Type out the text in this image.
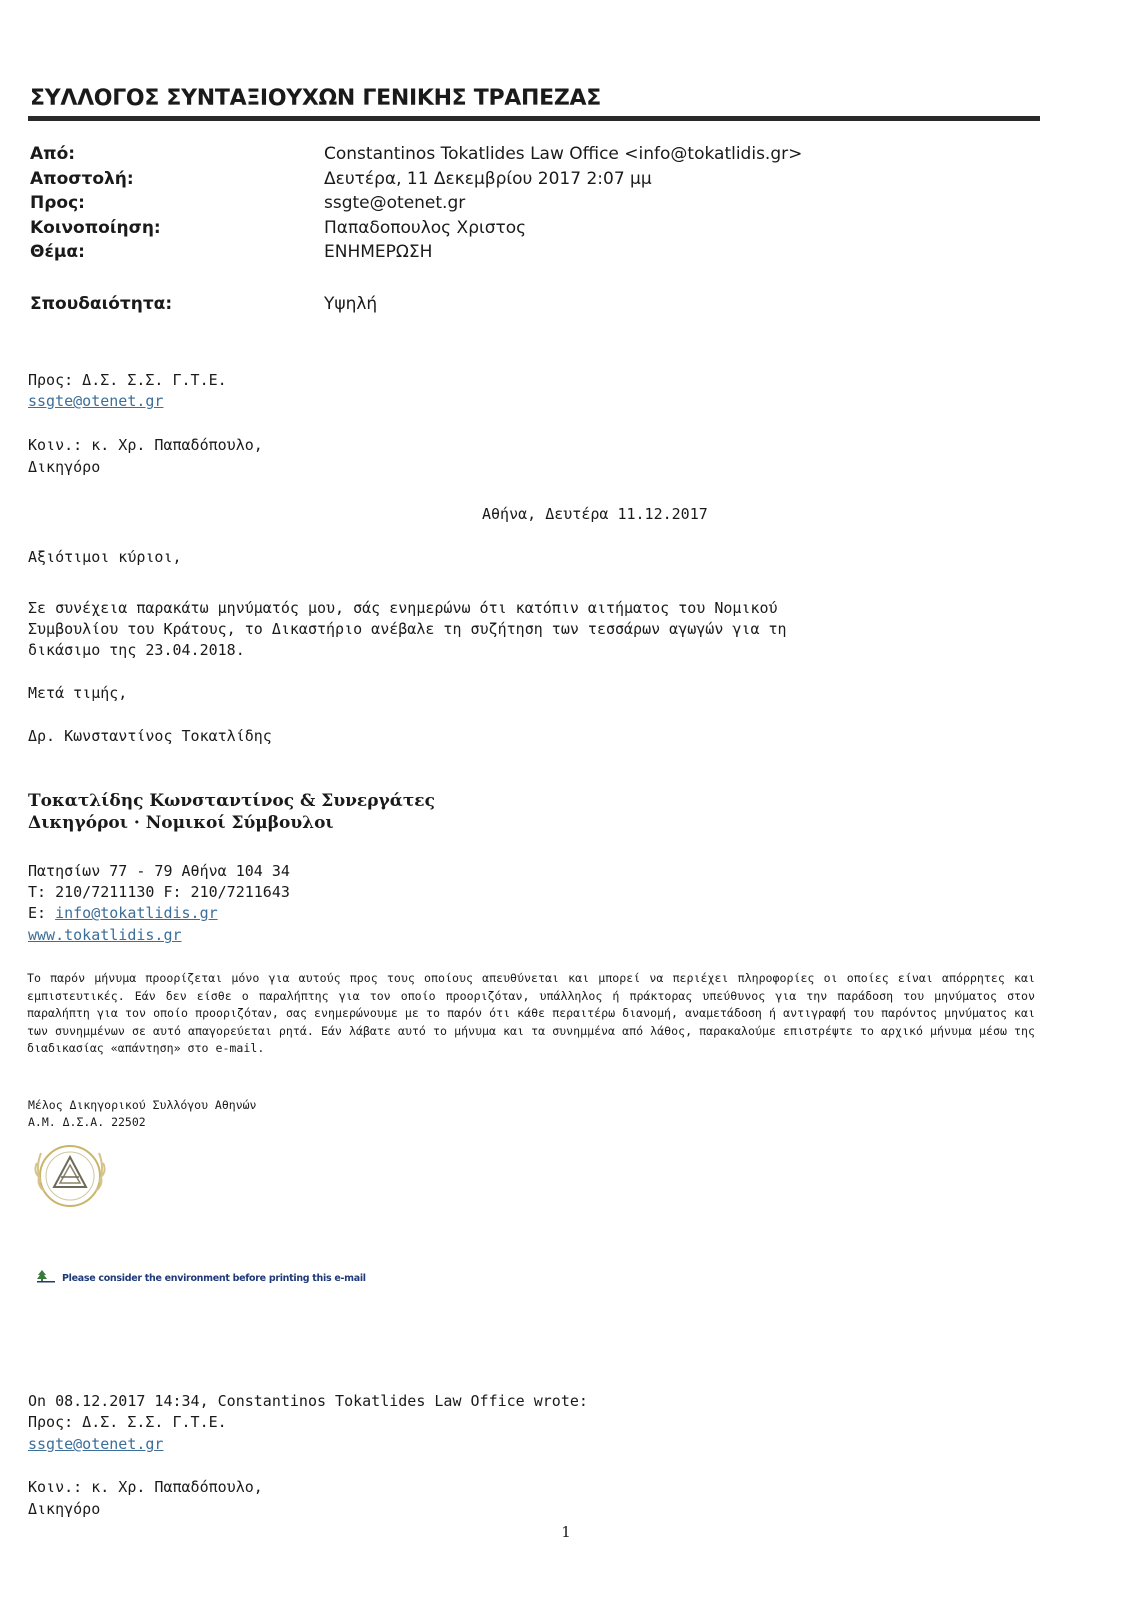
ΣΥΛΛΟΓΟΣ ΣΥΝΤΑΞΙΟΥΧΩΝ ΓΕΝΙΚΗΣ ΤΡΑΠΕΖΑΣ
Από:	Constantinos Tokatlides Law Office <info@tokatlidis.gr>
Αποστολή:	Δευτέρα, 11 Δεκεμβρίου 2017 2:07 μμ
Προς:	ssgte@otenet.gr
Κοινοποίηση:	Παπαδοπουλος Χριστος
Θέμα:	ΕΝΗΜΕΡΩΣΗ
Σπουδαιότητα:	Υψηλή
Προς: Δ.Σ. Σ.Σ. Γ.Τ.Ε.
ssgte@otenet.gr
Κοιν.: κ. Χρ. Παπαδόπουλο,
Δικηγόρο
Αθήνα, Δευτέρα 11.12.2017
Αξιότιμοι κύριοι,
Σε συνέχεια παρακάτω μηνύματός μου, σάς ενημερώνω ότι κατόπιν αιτήματος του Νομικού
Συμβουλίου του Κράτους, το Δικαστήριο ανέβαλε τη συζήτηση των τεσσάρων αγωγών για τη
δικάσιμο της 23.04.2018.
Μετά τιμής,
Δρ. Κωνσταντίνος Τοκατλίδης
Τοκατλίδης Κωνσταντίνος & Συνεργάτες
Δικηγόροι · Νομικοί Σύμβουλοι
Πατησίων 77 - 79 Αθήνα 104 34
T: 210/7211130 F: 210/7211643
E: info@tokatlidis.gr
www.tokatlidis.gr
Το παρόν μήνυμα προορίζεται μόνο για αυτούς προς τους οποίους απευθύνεται και μπορεί να περιέχει πληροφορίες οι οποίες είναι απόρρητες και εμπιστευτικές. Εάν δεν είσθε ο παραλήπτης για τον οποίο προοριζόταν, υπάλληλος ή πράκτορας υπεύθυνος για την παράδοση του μηνύματος στον παραλήπτη για τον οποίο προοριζόταν, σας ενημερώνουμε με το παρόν ότι κάθε περαιτέρω διανομή, αναμετάδοση ή αντιγραφή του παρόντος μηνύματος και των συνημμένων σε αυτό απαγορεύεται ρητά. Εάν λάβατε αυτό το μήνυμα και τα συνημμένα από λάθος, παρακαλούμε επιστρέψτε το αρχικό μήνυμα μέσω της διαδικασίας «απάντηση» στο e-mail.
Μέλος Δικηγορικού Συλλόγου Αθηνών
Α.Μ. Δ.Σ.Α. 22502
Please consider the environment before printing this e-mail
On 08.12.2017 14:34, Constantinos Tokatlides Law Office wrote:
Προς: Δ.Σ. Σ.Σ. Γ.Τ.Ε.
ssgte@otenet.gr
Κοιν.: κ. Χρ. Παπαδόπουλο,
Δικηγόρο
1
